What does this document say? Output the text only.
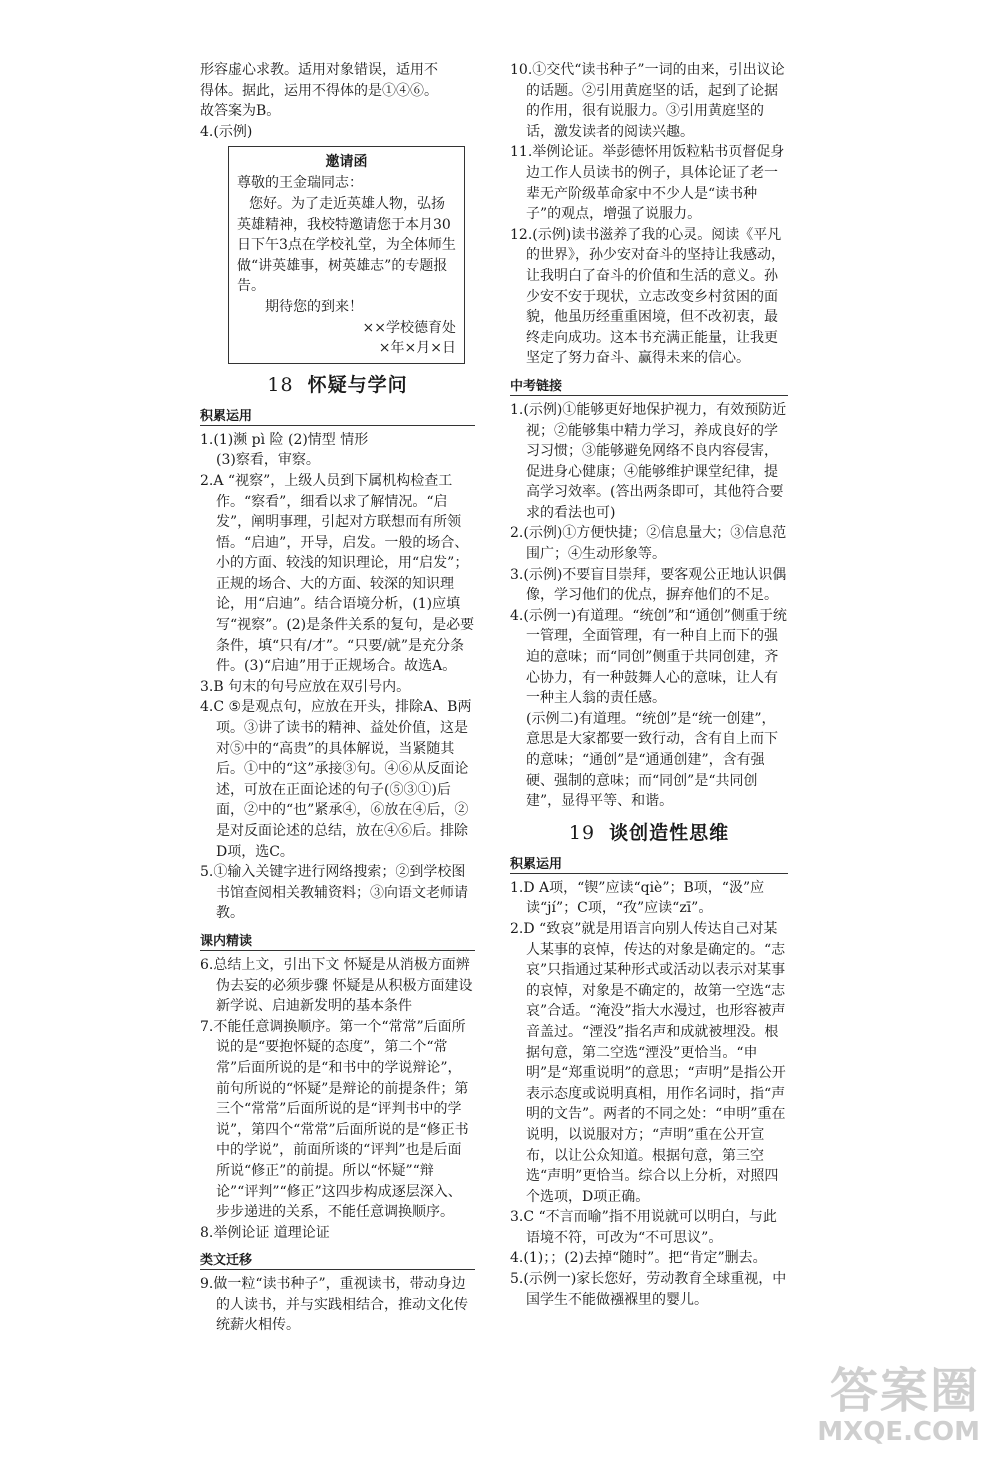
形容虚心求教。适用对象错误，适用不
得体。据此，运用不得体的是①④⑥。
故答案为B。
4.(示例)
邀请函
尊敬的王金瑞同志：
您好。为了走近英雄人物，弘扬英雄精神，我校特邀请您于本月30日下午3点在学校礼堂，为全体师生做“讲英雄事，树英雄志”的专题报告。
期待您的到来！
××学校德育处
×年×月×日
18 怀疑与学问
积累运用
1.(1)濒 pì 险 (2)情型 情形
(3)察看，审察。
2.A “视察”，上级人员到下属机构检查工作。“察看”，细看以求了解情况。“启发”，阐明事理，引起对方联想而有所领悟。“启迪”，开导，启发。一般的场合、小的方面、较浅的知识理论，用“启发”；正规的场合、大的方面、较深的知识理论，用“启迪”。结合语境分析，(1)应填写“视察”。(2)是条件关系的复句，是必要条件，填“只有/才”。“只要/就”是充分条件。(3)“启迪”用于正规场合。故选A。
3.B 句末的句号应放在双引号内。
4.C ⑤是观点句，应放在开头，排除A、B两项。③讲了读书的精神、益处价值，这是对⑤中的“高贵”的具体解说，当紧随其后。①中的“这”承接③句。④⑥从反面论述，可放在正面论述的句子(⑤③①)后面，②中的“也”紧承④，⑥放在④后，②是对反面论述的总结，放在④⑥后。排除D项，选C。
5.①输入关键字进行网络搜索；②到学校图书馆查阅相关教辅资料；③向语文老师请教。
课内精读
6.总结上文，引出下文 怀疑是从消极方面辨伪去妄的必须步骤 怀疑是从积极方面建设新学说、启迪新发明的基本条件
7.不能任意调换顺序。第一个“常常”后面所说的是“要抱怀疑的态度”，第二个“常常”后面所说的是“和书中的学说辩论”，前句所说的“怀疑”是辩论的前提条件；第三个“常常”后面所说的是“评判书中的学说”，第四个“常常”后面所说的是“修正书中的学说”，前面所谈的“评判”也是后面所说“修正”的前提。所以“怀疑”“辩论”“评判”“修正”这四步构成逐层深入、步步递进的关系，不能任意调换顺序。
8.举例论证 道理论证
类文迁移
9.做一粒“读书种子”，重视读书，带动身边的人读书，并与实践相结合，推动文化传统薪火相传。
10.①交代“读书种子”一词的由来，引出议论的话题。②引用黄庭坚的话，起到了论据的作用，很有说服力。③引用黄庭坚的话，激发读者的阅读兴趣。
11.举例论证。举彭德怀用饭粒粘书页督促身边工作人员读书的例子，具体论证了老一辈无产阶级革命家中不少人是“读书种子”的观点，增强了说服力。
12.(示例)读书滋养了我的心灵。阅读《平凡的世界》，孙少安对奋斗的坚持让我感动，让我明白了奋斗的价值和生活的意义。孙少安不安于现状，立志改变乡村贫困的面貌，他虽历经重重困境，但不改初衷，最终走向成功。这本书充满正能量，让我更坚定了努力奋斗、赢得未来的信心。
中考链接
1.(示例)①能够更好地保护视力，有效预防近视；②能够集中精力学习，养成良好的学习习惯；③能够避免网络不良内容侵害，促进身心健康；④能够维护课堂纪律，提高学习效率。(答出两条即可，其他符合要求的看法也可)
2.(示例)①方便快捷；②信息量大；③信息范围广；④生动形象等。
3.(示例)不要盲目崇拜，要客观公正地认识偶像，学习他们的优点，摒弃他们的不足。
4.(示例一)有道理。“统创”和“通创”侧重于统一管理，全面管理，有一种自上而下的强迫的意味；而“同创”侧重于共同创建，齐心协力，有一种鼓舞人心的意味，让人有一种主人翁的责任感。
(示例二)有道理。“统创”是“统一创建”，意思是大家都要一致行动，含有自上而下的意味；“通创”是“通通创建”，含有强硬、强制的意味；而“同创”是“共同创建”，显得平等、和谐。
19 谈创造性思维
积累运用
1.D A项，“锲”应读“qiè”；B项，“汲”应读“jí”；C项，“孜”应读“zī”。
2.D “致哀”就是用语言向别人传达自己对某人某事的哀悼，传达的对象是确定的。“志哀”只指通过某种形式或活动以表示对某事的哀悼，对象是不确定的，故第一空选“志哀”合适。“淹没”指大水漫过，也形容被声音盖过。“湮没”指名声和成就被埋没。根据句意，第二空选“湮没”更恰当。“申明”是“郑重说明”的意思；“声明”是指公开表示态度或说明真相，用作名词时，指“声明的文告”。两者的不同之处：“申明”重在说明，以说服对方；“声明”重在公开宣布，以让公众知道。根据句意，第三空选“声明”更恰当。综合以上分析，对照四个选项，D项正确。
3.C “不言而喻”指不用说就可以明白，与此语境不符，可改为“不可思议”。
4.(1)；；(2)去掉“随时”。把“肯定”删去。
5.(示例一)家长您好，劳动教育全球重视，中国学生不能做襁褓里的婴儿。
答案圈
MXQE.COM
